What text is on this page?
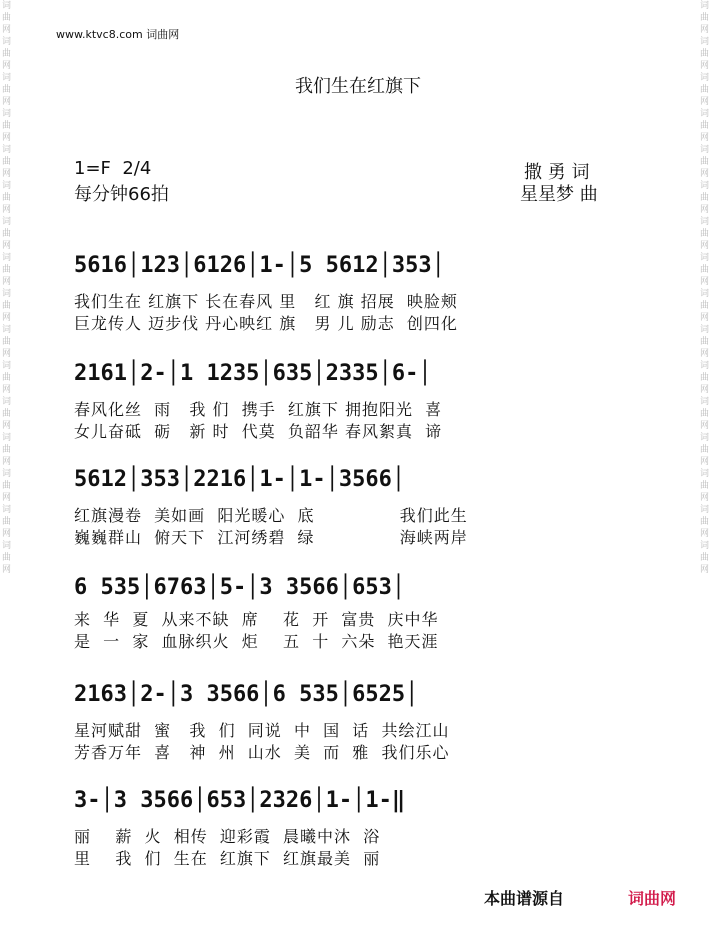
词曲网词曲网词曲网词曲网词曲网词曲网词曲网词曲网词曲网词曲网词曲网词曲网词曲网词曲网词曲网词曲网
词曲网词曲网词曲网词曲网词曲网词曲网词曲网词曲网词曲网词曲网词曲网词曲网词曲网词曲网词曲网词曲网
www.ktvc8.com 词曲网
我们生在红旗下
1=F  2/4
每分钟66拍
撒 勇 词
星星梦 曲
5616│123│6126│1-│5 5612│353│
我们生在 红旗下 长在春风 里   红 旗 招展  映脸颊
巨龙传人 迈步伐 丹心映红 旗   男 儿 励志  创四化
2161│2-│1 1235│635│2335│6-│
春风化丝  雨   我 们  携手  红旗下 拥抱阳光  喜
女儿奋砥  砺   新 时  代莫  负韶华 春风絮真  谛
5612│353│2216│1-│1-│3566│
红旗漫卷  美如画  阳光暖心  底              我们此生
巍巍群山  俯天下  江河绣碧  绿              海峡两岸
6 535│6763│5-│3 3566│653│
来  华  夏  从来不缺  席    花  开  富贵  庆中华
是  一  家  血脉织火  炬    五  十  六朵  艳天涯
2163│2-│3 3566│6 535│6525│
星河赋甜  蜜   我  们  同说  中  国  话  共绘江山
芳香万年  喜   神  州  山水  美  而  雅  我们乐心
3-│3 3566│653│2326│1-│1-‖
丽    薪  火  相传  迎彩霞  晨曦中沐  浴
里    我  们  生在  红旗下  红旗最美  丽
本曲谱源自	词曲网
